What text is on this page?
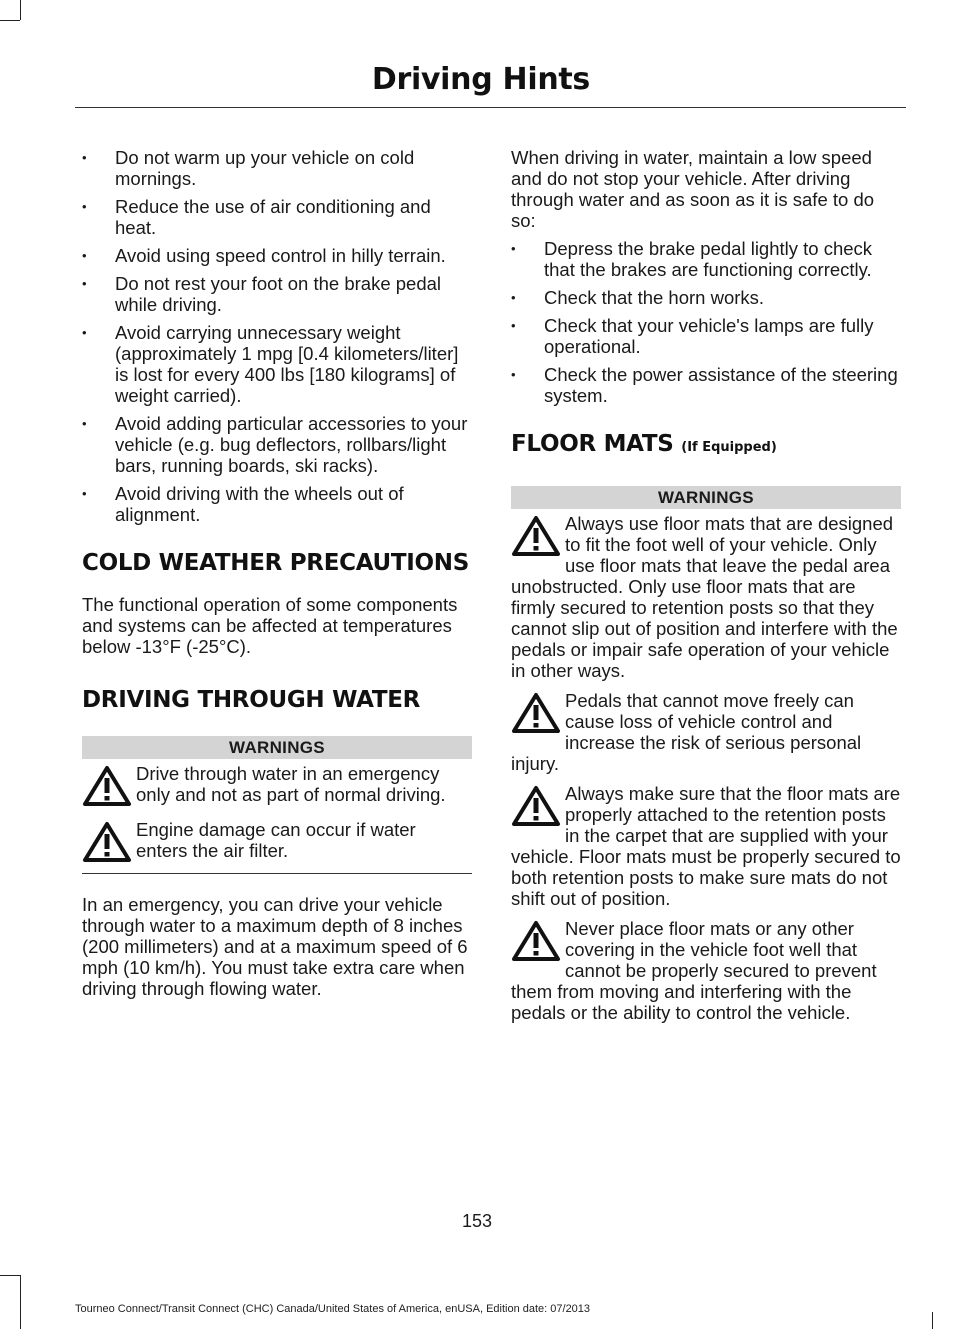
Driving Hints
• Do not warm up your vehicle on cold mornings.
• Reduce the use of air conditioning and heat.
• Avoid using speed control in hilly terrain.
• Do not rest your foot on the brake pedal while driving.
• Avoid carrying unnecessary weight (approximately 1 mpg [0.4 kilometers/liter] is lost for every 400 lbs [180 kilograms] of weight carried).
• Avoid adding particular accessories to your vehicle (e.g. bug deflectors, rollbars/light bars, running boards, ski racks).
• Avoid driving with the wheels out of alignment.
COLD WEATHER PRECAUTIONS

The functional operation of some components and systems can be affected at temperatures below -13°F (-25°C).

DRIVING THROUGH WATER
WARNINGS
Drive through water in an emergency only and not as part of normal driving.
Engine damage can occur if water enters the air filter.

In an emergency, you can drive your vehicle through water to a maximum depth of 8 inches (200 millimeters) and at a maximum speed of 6 mph (10 km/h). You must take extra care when driving through flowing water.

When driving in water, maintain a low speed and do not stop your vehicle. After driving through water and as soon as it is safe to do so:

• Depress the brake pedal lightly to check that the brakes are functioning correctly.
• Check that the horn works.
• Check that your vehicle's lamps are fully operational.
• Check the power assistance of the steering system.
FLOOR MATS (If Equipped)
WARNINGS
Always use floor mats that are designed to fit the foot well of your vehicle. Only use floor mats that leave the pedal area unobstructed. Only use floor mats that are firmly secured to retention posts so that they cannot slip out of position and interfere with the pedals or impair safe operation of your vehicle in other ways.
Pedals that cannot move freely can cause loss of vehicle control and increase the risk of serious personal injury.
Always make sure that the floor mats are properly attached to the retention posts in the carpet that are supplied with your vehicle. Floor mats must be properly secured to both retention posts to make sure mats do not shift out of position.
Never place floor mats or any other covering in the vehicle foot well that cannot be properly secured to prevent them from moving and interfering with the pedals or the ability to control the vehicle.
153
Tourneo Connect/Transit Connect (CHC) Canada/United States of America, enUSA, Edition date: 07/2013
